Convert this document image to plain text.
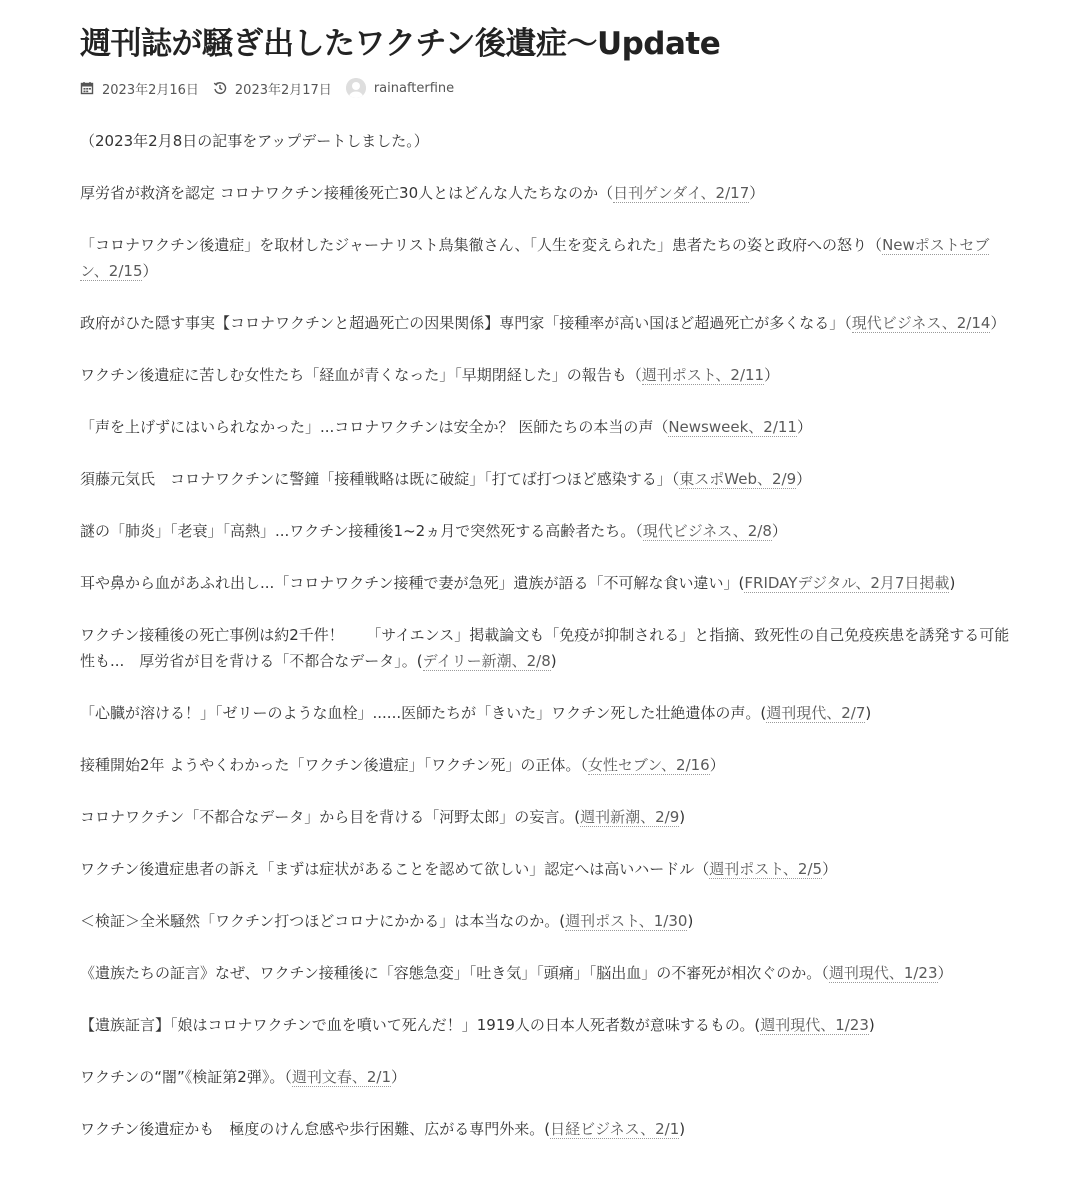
週刊誌が騒ぎ出したワクチン後遺症〜Update
2023年2月16日	2023年2月17日	rainafterfine

（2023年2月8日の記事をアップデートしました。）

厚労省が救済を認定 コロナワクチン接種後死亡30人とはどんな人たちなのか（日刊ゲンダイ、2/17）

「コロナワクチン後遺症」を取材したジャーナリスト鳥集徹さん、「人生を変えられた」患者たちの姿と政府への怒り（Newポストセブン、2/15）

政府がひた隠す事実【コロナワクチンと超過死亡の因果関係】専門家「接種率が高い国ほど超過死亡が多くなる」（現代ビジネス、2/14）

ワクチン後遺症に苦しむ女性たち「経血が青くなった」「早期閉経した」の報告も（週刊ポスト、2/11）

「声を上げずにはいられなかった」...コロナワクチンは安全か？ 医師たちの本当の声（Newsweek、2/11）

須藤元気氏　コロナワクチンに警鐘「接種戦略は既に破綻」「打てば打つほど感染する」（東スポWeb、2/9）

謎の「肺炎」「老衰」「高熱」...ワクチン接種後1~2ヵ月で突然死する高齢者たち。（現代ビジネス、2/8）

耳や鼻から血があふれ出し...「コロナワクチン接種で妻が急死」遺族が語る「不可解な食い違い」(FRIDAYデジタル、2月7日掲載)

ワクチン接種後の死亡事例は約2千件！　　「サイエンス」掲載論文も「免疫が抑制される」と指摘、致死性の自己免疫疾患を誘発する可能性も...　厚労省が目を背ける「不都合なデータ」。(デイリー新潮、2/8)

「心臓が溶ける！」「ゼリーのような血栓」......医師たちが「きいた」ワクチン死した壮絶遺体の声。(週刊現代、2/7)

接種開始2年 ようやくわかった「ワクチン後遺症」「ワクチン死」の正体。（女性セブン、2/16）

コロナワクチン「不都合なデータ」から目を背ける「河野太郎」の妄言。(週刊新潮、2/9)

ワクチン後遺症患者の訴え「まずは症状があることを認めて欲しい」認定へは高いハードル（週刊ポスト、2/5）

＜検証＞全米騒然「ワクチン打つほどコロナにかかる」は本当なのか。(週刊ポスト、1/30)

《遺族たちの証言》なぜ、ワクチン接種後に「容態急変」「吐き気」「頭痛」「脳出血」の不審死が相次ぐのか。（週刊現代、1/23）

【遺族証言】「娘はコロナワクチンで血を噴いて死んだ！」1919人の日本人死者数が意味するもの。(週刊現代、1/23)

ワクチンの“闇”《検証第2弾》。（週刊文春、2/1）

ワクチン後遺症かも　極度のけん怠感や歩行困難、広がる専門外来。(日経ビジネス、2/1)
